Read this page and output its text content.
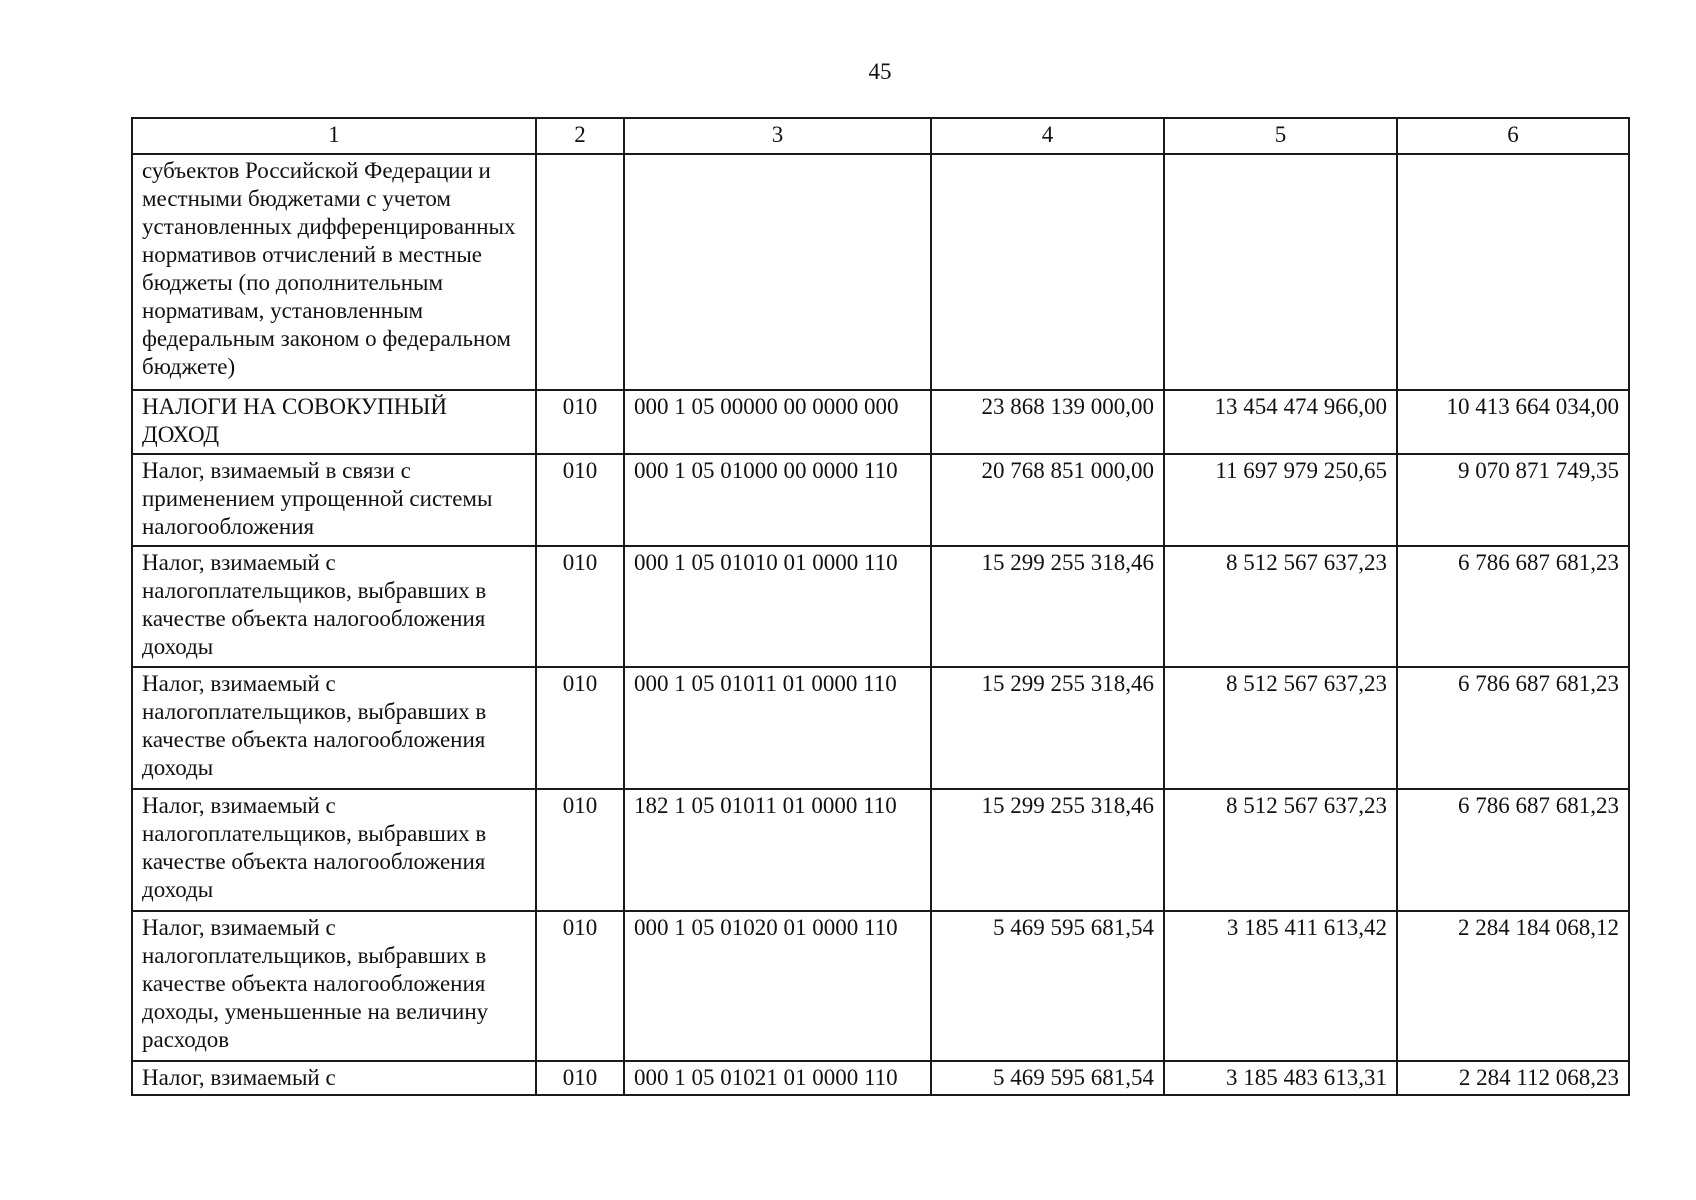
45
1	2	3	4	5	6
субъектов Российской Федерации и местными бюджетами с учетом установленных дифференцированных нормативов отчислений в местные бюджеты (по дополнительным нормативам, установленным федеральным законом о федеральном бюджете)					
НАЛОГИ НА СОВОКУПНЫЙ ДОХОД	010	000 1 05 00000 00 0000 000	23 868 139 000,00	13 454 474 966,00	10 413 664 034,00
Налог, взимаемый в связи с применением упрощенной системы налогообложения	010	000 1 05 01000 00 0000 110	20 768 851 000,00	11 697 979 250,65	9 070 871 749,35
Налог, взимаемый с налогоплательщиков, выбравших в качестве объекта налогообложения доходы	010	000 1 05 01010 01 0000 110	15 299 255 318,46	8 512 567 637,23	6 786 687 681,23
Налог, взимаемый с налогоплательщиков, выбравших в качестве объекта налогообложения доходы	010	000 1 05 01011 01 0000 110	15 299 255 318,46	8 512 567 637,23	6 786 687 681,23
Налог, взимаемый с налогоплательщиков, выбравших в качестве объекта налогообложения доходы	010	182 1 05 01011 01 0000 110	15 299 255 318,46	8 512 567 637,23	6 786 687 681,23
Налог, взимаемый с налогоплательщиков, выбравших в качестве объекта налогообложения доходы, уменьшенные на величину расходов	010	000 1 05 01020 01 0000 110	5 469 595 681,54	3 185 411 613,42	2 284 184 068,12
Налог, взимаемый с	010	000 1 05 01021 01 0000 110	5 469 595 681,54	3 185 483 613,31	2 284 112 068,23
